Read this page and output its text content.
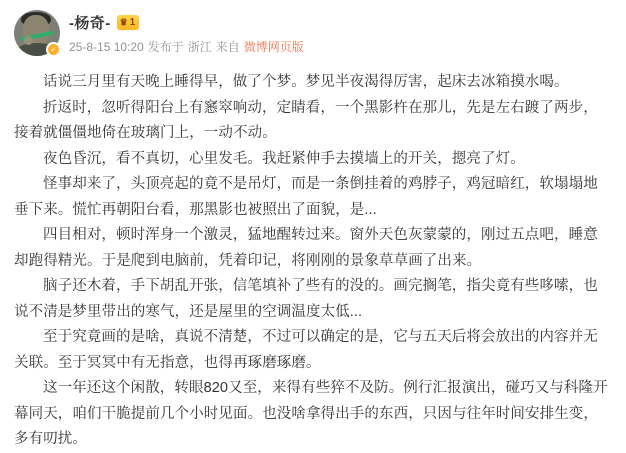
✓
-杨奇- ♛ 1
25-8-15 10:20 发布于 浙江 来自 微博网页版

话说三月里有天晚上睡得早，做了个梦。梦见半夜渴得厉害，起床去冰箱摸水喝。

折返时，忽听得阳台上有窸窣响动，定睛看，一个黑影杵在那儿，先是左右踱了两步，接着就僵僵地倚在玻璃门上，一动不动。

夜色昏沉，看不真切，心里发毛。我赶紧伸手去摸墙上的开关，摁亮了灯。

怪事却来了，头顶亮起的竟不是吊灯，而是一条倒挂着的鸡脖子，鸡冠暗红，软塌塌地垂下来。慌忙再朝阳台看，那黑影也被照出了面貌，是...

四目相对，顿时浑身一个激灵，猛地醒转过来。窗外天色灰蒙蒙的，刚过五点吧，睡意却跑得精光。于是爬到电脑前，凭着印记，将刚刚的景象草草画了出来。

脑子还木着，手下胡乱开张，信笔填补了些有的没的。画完搁笔，指尖竟有些哆嗦，也说不清是梦里带出的寒气，还是屋里的空调温度太低...

至于究竟画的是啥，真说不清楚，不过可以确定的是，它与五天后将会放出的内容并无关联。至于冥冥中有无指意，也得再琢磨琢磨。

这一年还这个闲散，转眼820又至，来得有些猝不及防。例行汇报演出，碰巧又与科隆开幕同天，咱们干脆提前几个小时见面。也没啥拿得出手的东西，只因与往年时间安排生变，多有叨扰。
